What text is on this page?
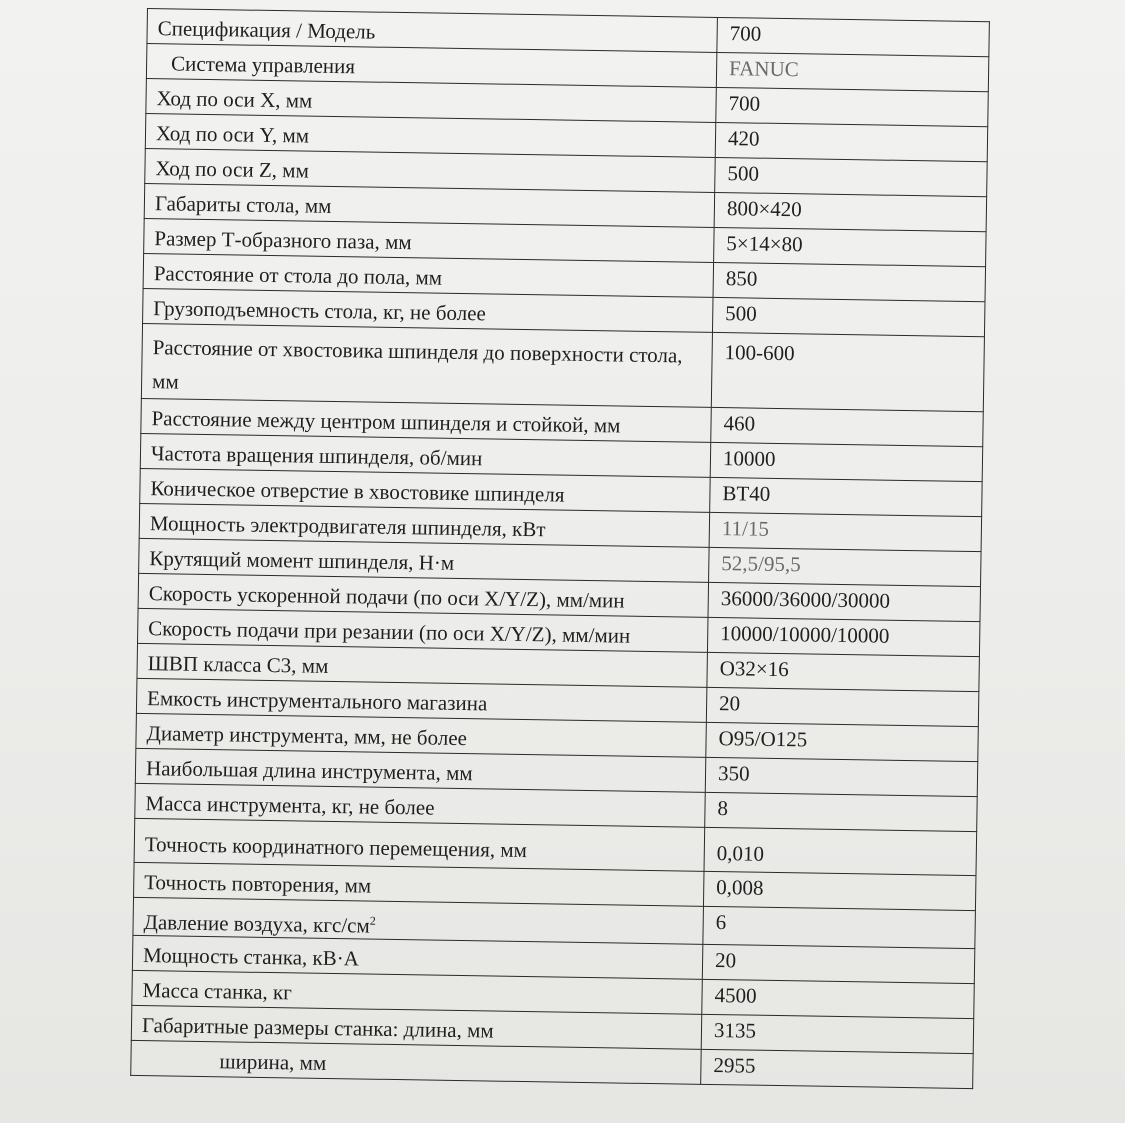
Спецификация / Модель	700
Система управления	FANUC
Ход по оси X, мм	700
Ход по оси Y, мм	420
Ход по оси Z, мм	500
Габариты стола, мм	800×420
Размер Т-образного паза, мм	5×14×80
Расстояние от стола до пола, мм	850
Грузоподъемность стола, кг, не более	500
Расстояние от хвостовика шпинделя до поверхности стола, мм	100-600
Расстояние между центром шпинделя и стойкой, мм	460
Частота вращения шпинделя, об/мин	10000
Коническое отверстие в хвостовике шпинделя	BT40
Мощность электродвигателя шпинделя, кВт	11/15
Крутящий момент шпинделя, Н·м	52,5/95,5
Скорость ускоренной подачи (по оси X/Y/Z), мм/мин	36000/36000/30000
Скорость подачи при резании (по оси X/Y/Z), мм/мин	10000/10000/10000
ШВП класса С3, мм	O32×16
Емкость инструментального магазина	20
Диаметр инструмента, мм, не более	O95/O125
Наибольшая длина инструмента, мм	350
Масса инструмента, кг, не более	8
Точность координатного перемещения, мм	0,010
Точность повторения, мм	0,008
Давление воздуха, кгс/$см^2$	6
Мощность станка, кВ·А	20
Масса станка, кг	4500
Габаритные размеры станка: длина, мм	3135
ширина, мм	2955
